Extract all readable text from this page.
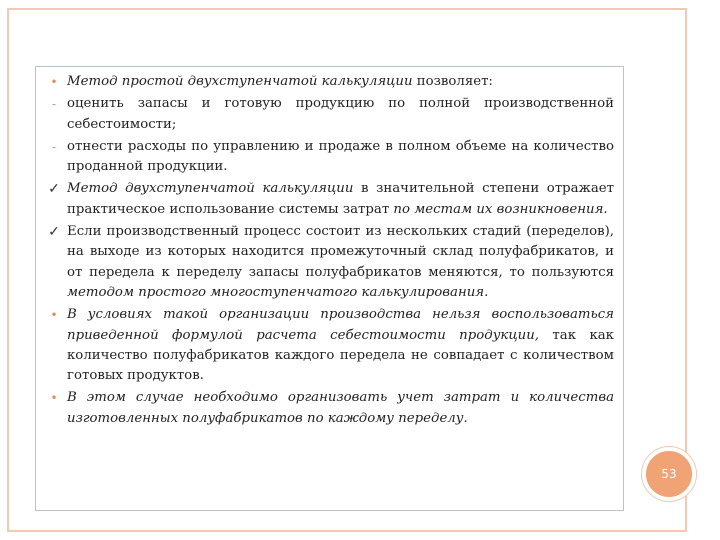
• Метод простой двухступенчатой калькуляции позволяет:
- оценить запасы и готовую продукцию по полной производственной себестоимости;
- отнести расходы по управлению и продаже в полном объеме на количество проданной продукции.
✓ Метод двухступенчатой калькуляции в значительной степени отражает практическое использование системы затрат по местам их возникновения.
✓ Если производственный процесс состоит из нескольких стадий (переделов), на выходе из которых находится промежуточный склад полуфабрикатов, и от передела к переделу запасы полуфабрикатов меняются, то пользуются методом простого многоступенчатого калькулирования.
• В условиях такой организации производства нельзя воспользоваться приведенной формулой расчета себестоимости продукции, так как количество полуфабрикатов каждого передела не совпадает с количеством готовых продуктов.
• В этом случае необходимо организовать учет затрат и количества изготовленных полуфабрикатов по каждому переделу.
53
